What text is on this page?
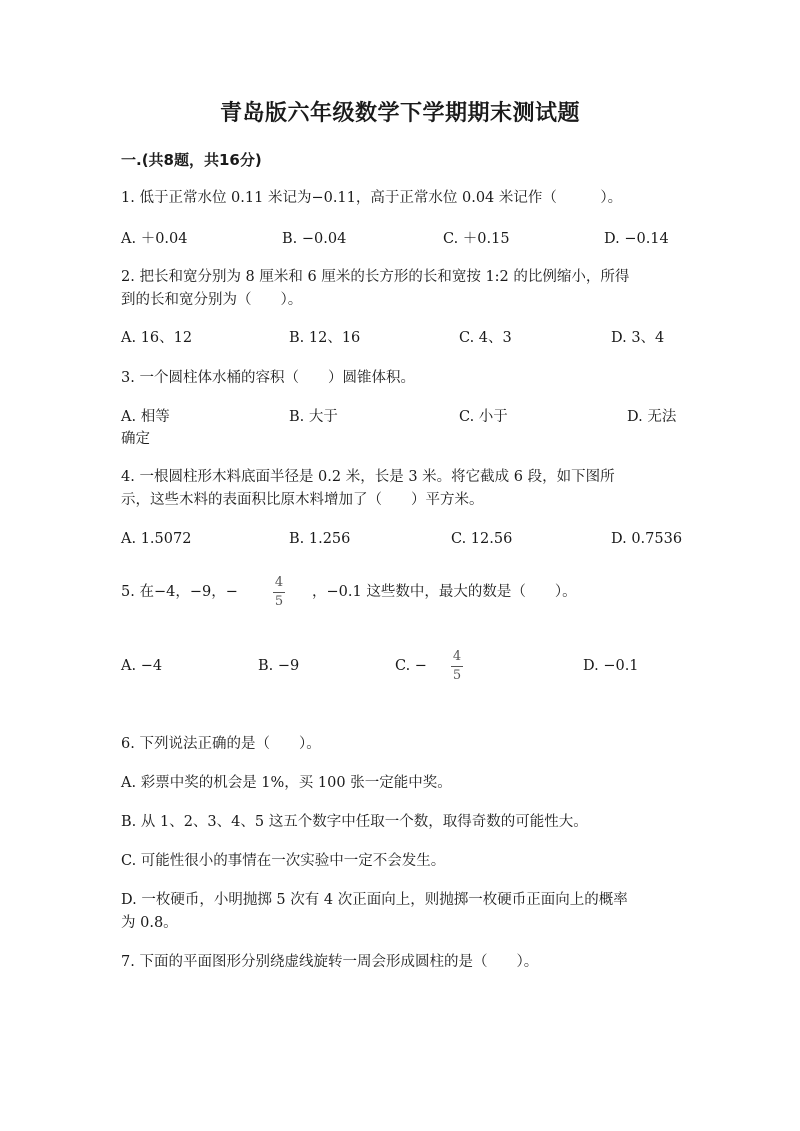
青岛版六年级数学下学期期末测试题
一.(共8题，共16分)
1. 低于正常水位 0.11 米记为−0.11，高于正常水位 0.04 米记作（　　　）。
A. ＋0.04	B. −0.04	C. ＋0.15	D. −0.14
2. 把长和宽分别为 8 厘米和 6 厘米的长方形的长和宽按 1:2 的比例缩小，所得
到的长和宽分别为（　　）。
A. 16、12	B. 12、16	C. 4、3	D. 3、4
3. 一个圆柱体水桶的容积（　　）圆锥体积。
A. 相等	B. 大于	C. 小于	D. 无法
确定
4. 一根圆柱形木料底面半径是 0.2 米，长是 3 米。将它截成 6 段，如下图所
示，这些木料的表面积比原木料增加了（　　）平方米。
A. 1.5072	B. 1.256	C. 12.56	D. 0.7536
5. 在−4，−9，−
4
5
，−0.1 这些数中，最大的数是（　　）。
A. −4	B. −9	C. −
4
5
D. −0.1
6. 下列说法正确的是（　　）。
A. 彩票中奖的机会是 1%，买 100 张一定能中奖。
B. 从 1、2、3、4、5 这五个数字中任取一个数，取得奇数的可能性大。
C. 可能性很小的事情在一次实验中一定不会发生。
D. 一枚硬币，小明抛掷 5 次有 4 次正面向上，则抛掷一枚硬币正面向上的概率
为 0.8。
7. 下面的平面图形分别绕虚线旋转一周会形成圆柱的是（　　）。
